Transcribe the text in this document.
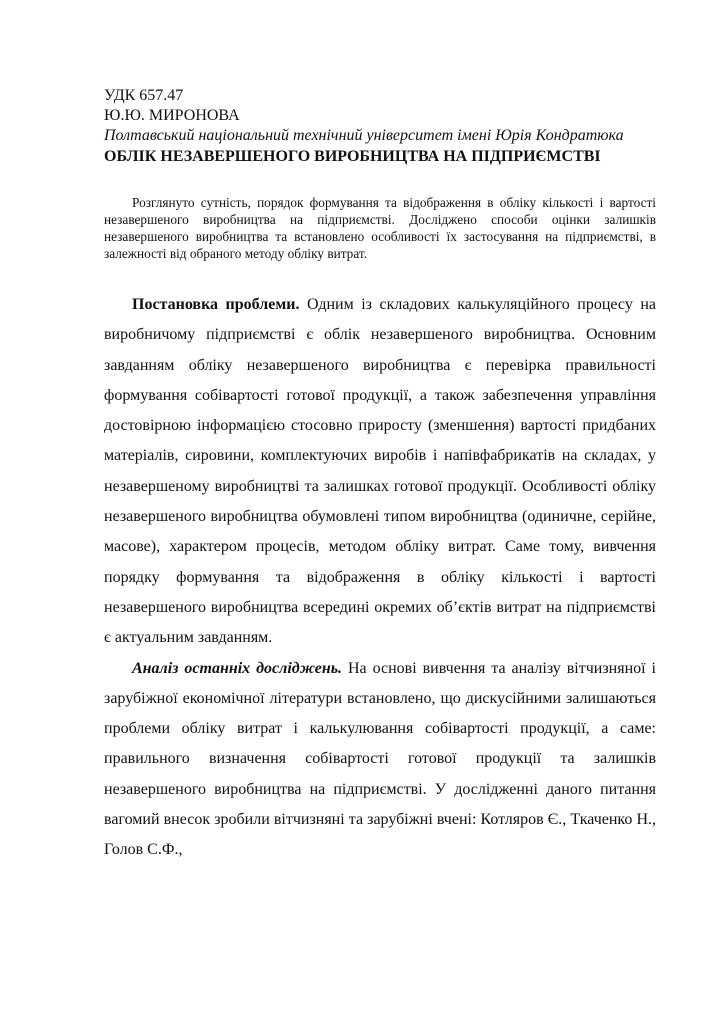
УДК 657.47

Ю.Ю. МИРОНОВА

Полтавський національний технічний університет імені Юрія Кондратюка

ОБЛІК НЕЗАВЕРШЕНОГО ВИРОБНИЦТВА НА ПІДПРИЄМСТВІ

Розглянуто сутність, порядок формування та відображення в обліку кількості і вартості незавершеного виробництва на підприємстві. Досліджено способи оцінки залишків незавершеного виробництва та встановлено особливості їх застосування на підприємстві, в залежності від обраного методу обліку витрат.

Постановка проблеми. Одним із складових калькуляційного процесу на виробничому підприємстві є облік незавершеного виробництва. Основним завданням обліку незавершеного виробництва є перевірка правильності формування собівартості готової продукції, а також забезпечення управління достовірною інформацією стосовно приросту (зменшення) вартості придбаних матеріалів, сировини, комплектуючих виробів і напівфабрикатів на складах, у незавершеному виробництві та залишках готової продукції. Особливості обліку незавершеного виробництва обумовлені типом виробництва (одиничне, серійне, масове), характером процесів, методом обліку витрат. Саме тому, вивчення порядку формування та відображення в обліку кількості і вартості незавершеного виробництва всередині окремих об’єктів витрат на підприємстві є актуальним завданням.

Аналіз останніх досліджень. На основі вивчення та аналізу вітчизняної і зарубіжної економічної літератури встановлено, що дискусійними залишаються проблеми обліку витрат і калькулювання собівартості продукції, а саме: правильного визначення собівартості готової продукції та залишків незавершеного виробництва на підприємстві. У дослідженні даного питання вагомий внесок зробили вітчизняні та зарубіжні вчені: Котляров Є., Ткаченко Н., Голов С.Ф.,
